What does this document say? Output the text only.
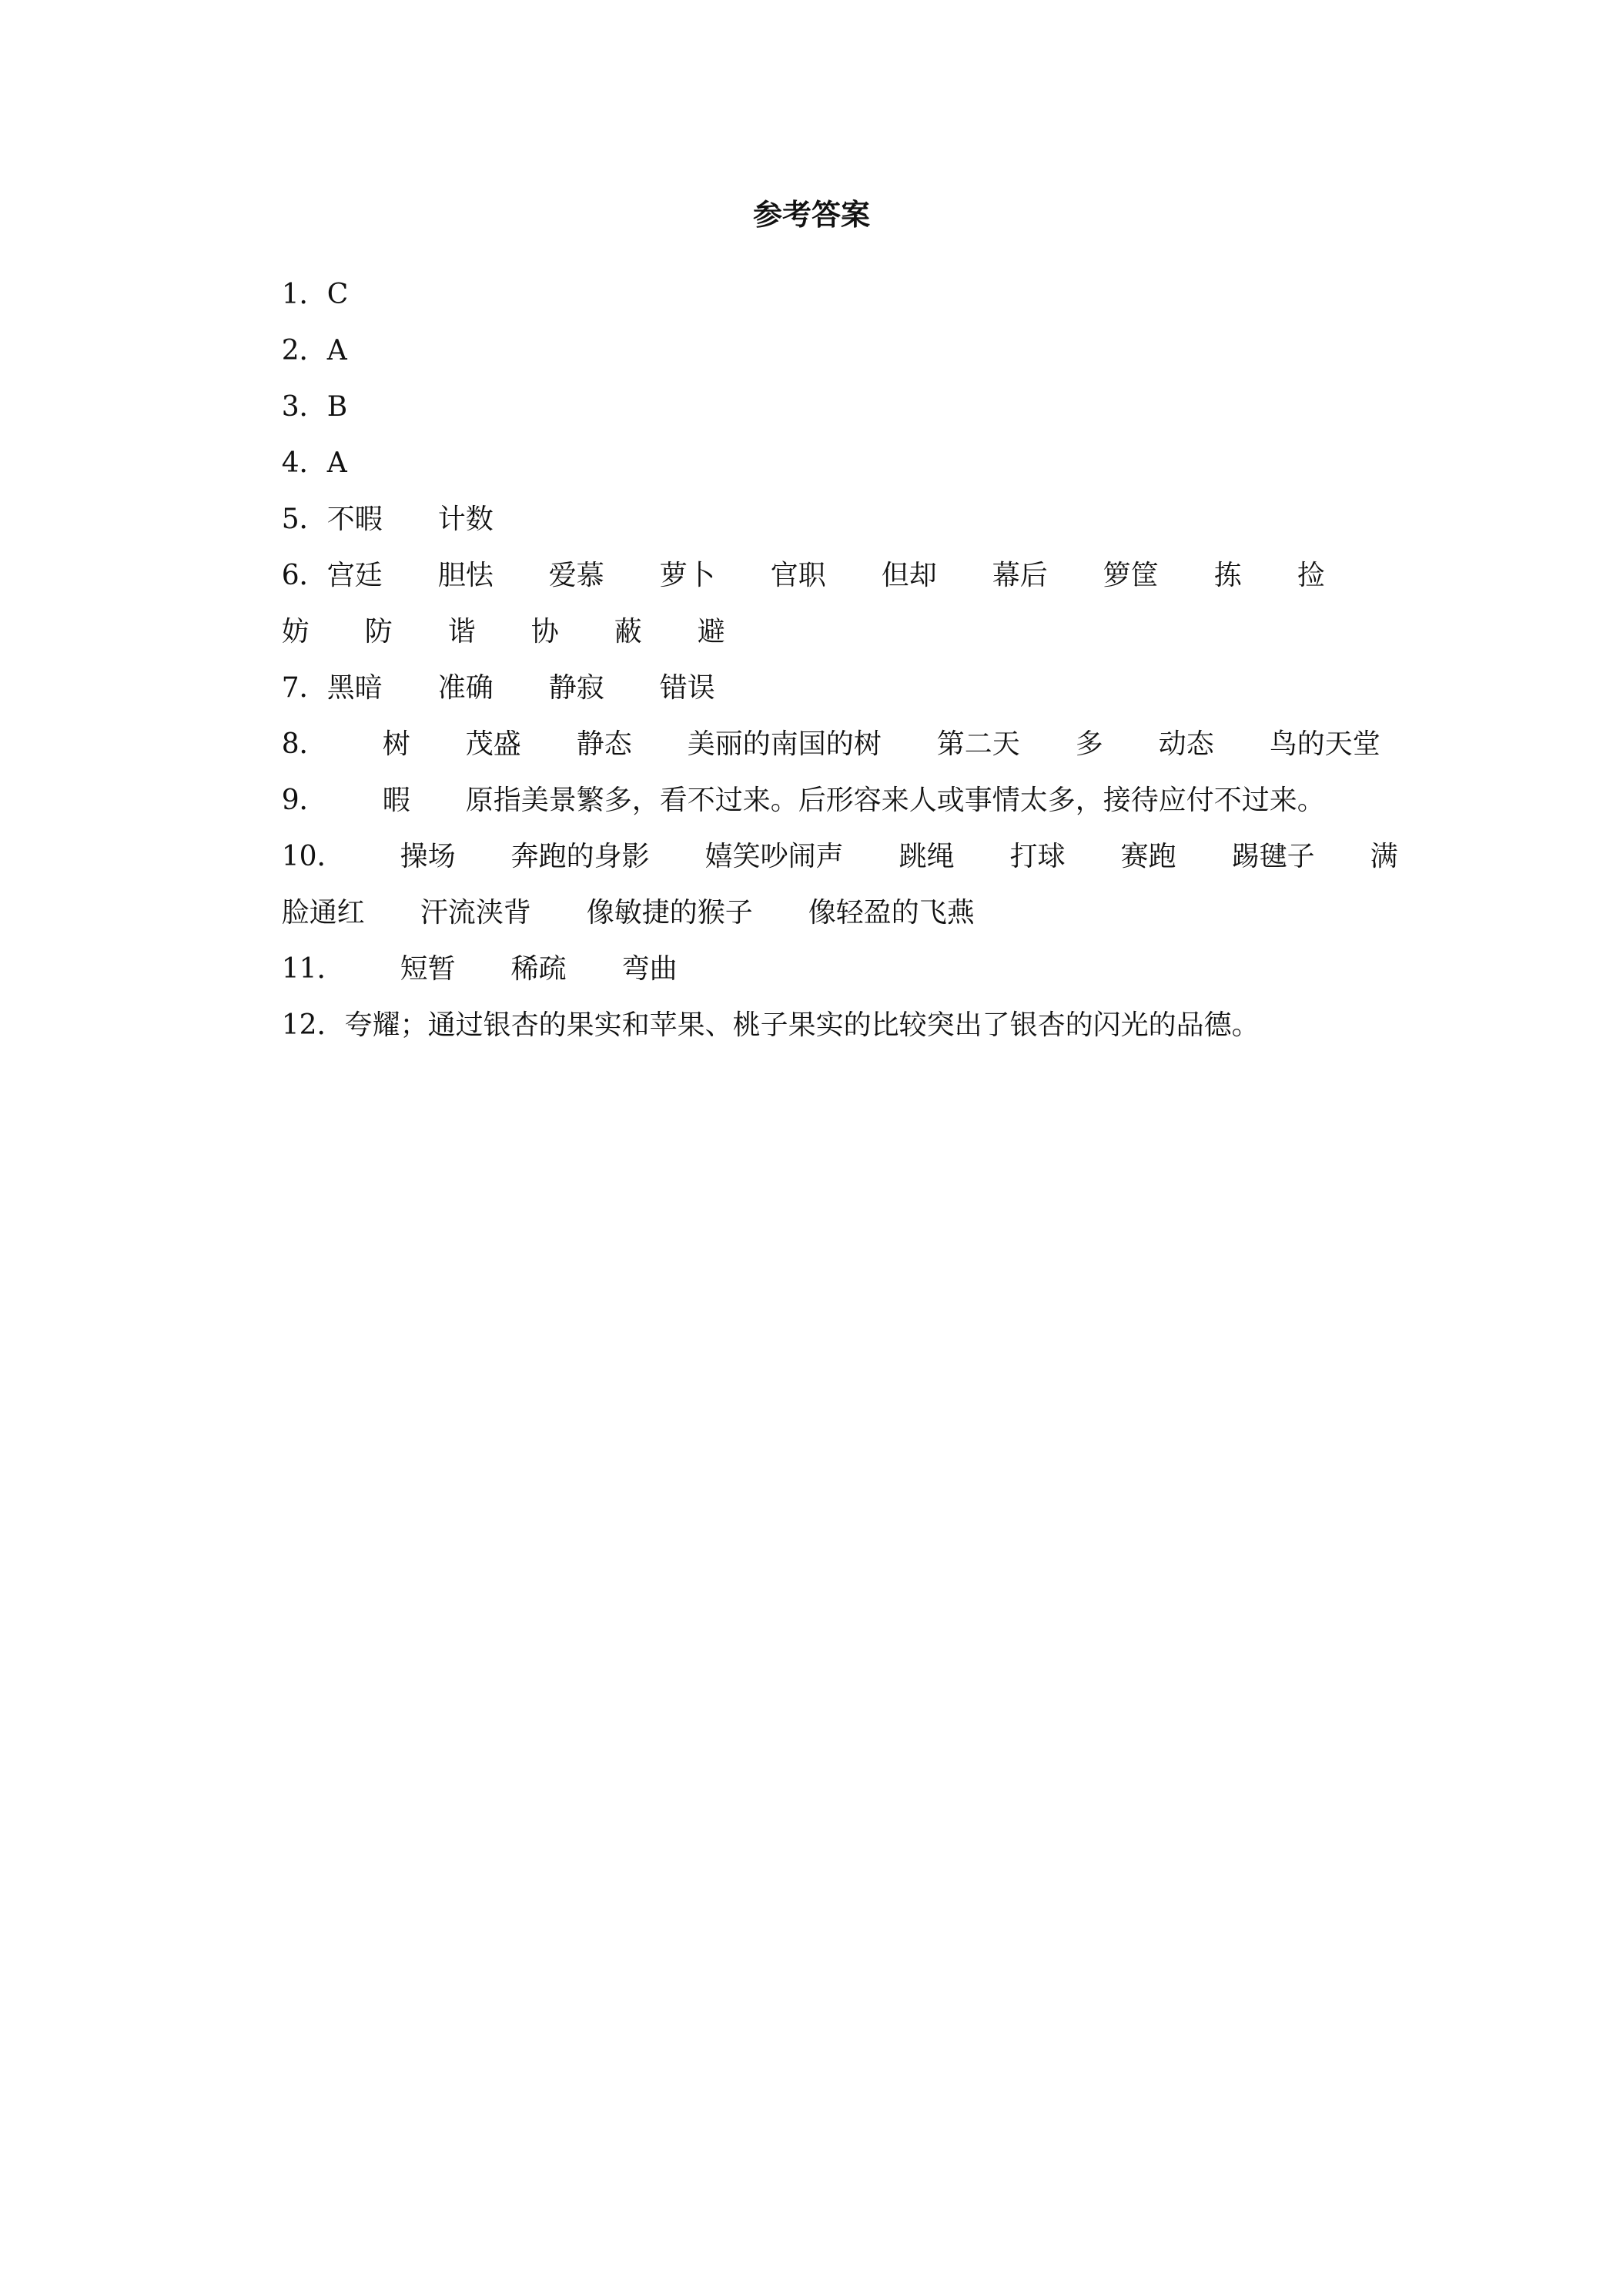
参考答案

1．C

2．A

3．B

4．A

5．不暇　　计数

6．宫廷　　胆怯　　爱慕　　萝卜　　官职　　但却　　幕后　　箩筐　　拣　　捡

妨　　防　　谐　　协　　蔽　　避

7．黑暗　　准确　　静寂　　错误

8．　　树　　茂盛　　静态　　美丽的南国的树　　第二天　　多　　动态　　鸟的天堂

9．　　暇　　原指美景繁多，看不过来。后形容来人或事情太多，接待应付不过来。

10．　　操场　　奔跑的身影　　嬉笑吵闹声　　跳绳　　打球　　赛跑　　踢毽子　　满

脸通红　　汗流浃背　　像敏捷的猴子　　像轻盈的飞燕

11．　　短暂　　稀疏　　弯曲

12．夸耀；通过银杏的果实和苹果、桃子果实的比较突出了银杏的闪光的品德。
